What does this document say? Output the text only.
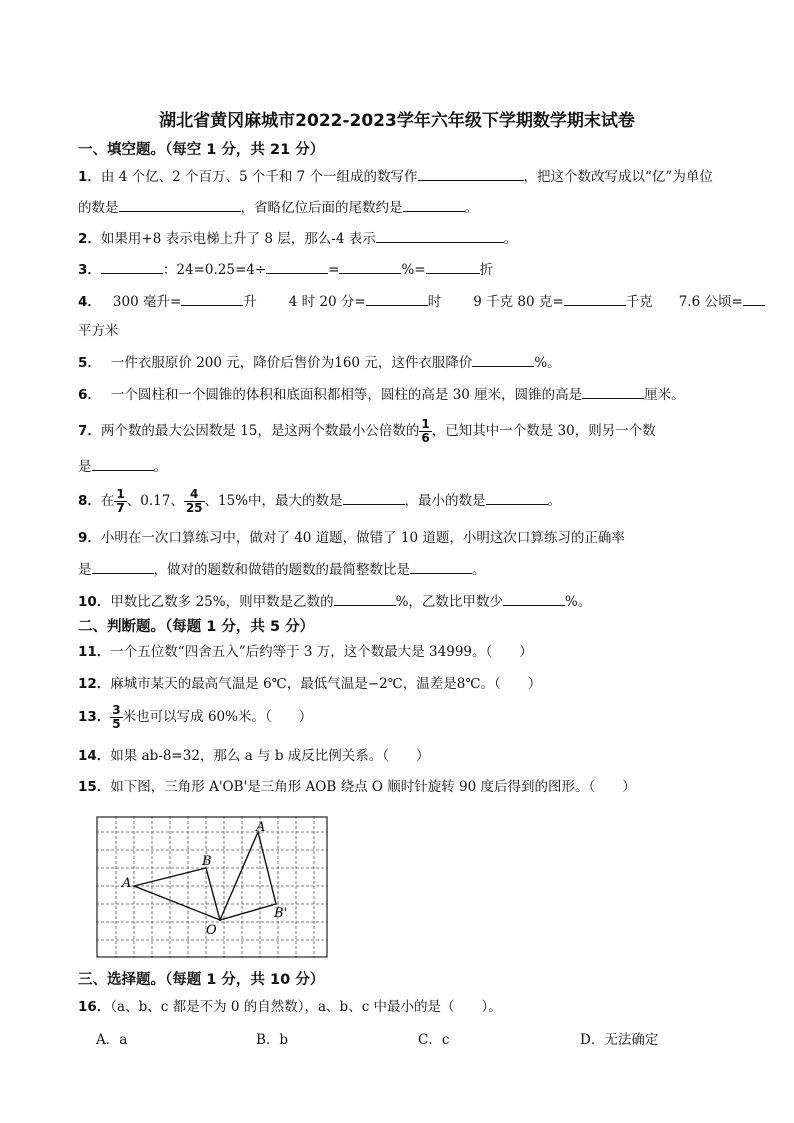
湖北省黄冈麻城市2022-2023学年六年级下学期数学期末试卷
一、填空题。（每空 1 分，共 21 分）
1．由 4 个亿、2 个百万、5 个千和 7 个一组成的数写作	，把这个数改写成以“亿”为单位
的数是	，省略亿位后面的尾数约是	。
2．如果用+8 表示电梯上升了 8 层，那么-4 表示	。
3．	：24=0.25=4÷	=	%=	折
4． 300 毫升=	升 4 时 20 分=	时 9 千克 80 克=	千克 7.6 公顷=
平方米
5． 一件衣服原价 200 元，降价后售价为160 元，这件衣服降价	%。
6． 一个圆柱和一个圆锥的体积和底面积都相等，圆柱的高是 30 厘米，圆锥的高是	厘米。
7．两个数的最大公因数是 15，是这两个数最小公倍数的 $\frac{1}{6}$ ，已知其中一个数是 30，则另一个数
是	。
8．在 $\frac{1}{7}$ 、0.17、 $\frac{4}{25}$ 、15%中，最大的数是	，最小的数是	。
9．小明在一次口算练习中，做对了 40 道题，做错了 10 道题，小明这次口算练习的正确率
是	，做对的题数和做错的题数的最简整数比是	。
10．甲数比乙数多 25%，则甲数是乙数的	%，乙数比甲数少	%。
二、判断题。（每题 1 分，共 5 分）
11．一个五位数“四舍五入”后约等于 3 万，这个数最大是 34999。（　　）
12．麻城市某天的最高气温是 6℃，最低气温是−2℃，温差是8℃。（　　）
13． $\frac{3}{5}$ 米也可以写成 60%米。（　　）
14．如果 ab-8=32，那么 a 与 b 成反比例关系。（　　）
15．如下图，三角形 A'OB'是三角形 AOB 绕点 O 顺时针旋转 90 度后得到的图形。（　　）
A
B
O
A
B'
三、选择题。（每题 1 分，共 10 分）
16．（a、b、c 都是不为 0 的自然数），a、b、c 中最小的是（　　）。
A．a	B．b	C．c	D．无法确定
